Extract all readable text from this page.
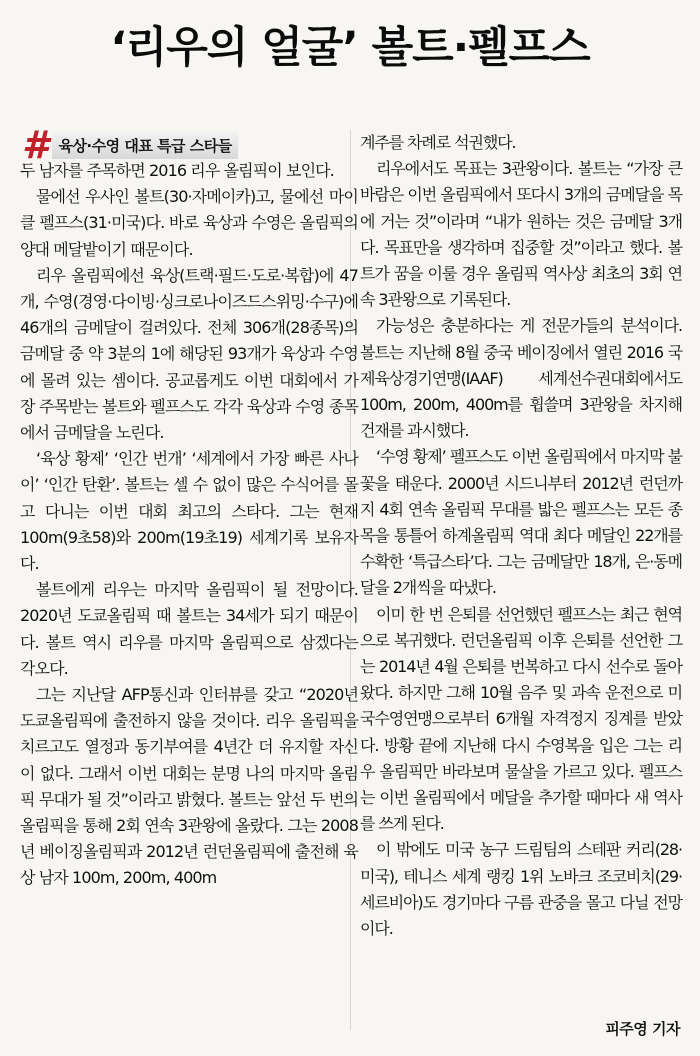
‘리우의 얼굴’ 볼트·펠프스
# 육상·수영 대표 특급 스타들

두 남자를 주목하면 2016 리우 올림픽이 보인다.

물에선 우사인 볼트(30·자메이카)고, 물에선 마이클 펠프스(31·미국)다. 바로 육상과 수영은 올림픽의 양대 메달밭이기 때문이다.

리우 올림픽에선 육상(트랙·필드·도로·복합)에 47개, 수영(경영·다이빙·싱크로나이즈드스위밍·수구)에 46개의 금메달이 걸려있다. 전체 306개(28종목)의 금메달 중 약 3분의 1에 해당된 93개가 육상과 수영에 몰려 있는 셈이다. 공교롭게도 이번 대회에서 가장 주목받는 볼트와 펠프스도 각각 육상과 수영 종목에서 금메달을 노린다.

‘육상 황제’ ‘인간 번개’ ‘세계에서 가장 빠른 사나이’ ‘인간 탄환’. 볼트는 셀 수 없이 많은 수식어를 몰고 다니는 이번 대회 최고의 스타다. 그는 현재 100m(9초58)와 200m(19초19) 세계기록 보유자다.

볼트에게 리우는 마지막 올림픽이 될 전망이다. 2020년 도쿄올림픽 때 볼트는 34세가 되기 때문이다. 볼트 역시 리우를 마지막 올림픽으로 삼겠다는 각오다.

그는 지난달 AFP통신과 인터뷰를 갖고 “2020년 도쿄올림픽에 출전하지 않을 것이다. 리우 올림픽을 치르고도 열정과 동기부여를 4년간 더 유지할 자신이 없다. 그래서 이번 대회는 분명 나의 마지막 올림픽 무대가 될 것”이라고 밝혔다. 볼트는 앞선 두 번의 올림픽을 통해 2회 연속 3관왕에 올랐다. 그는 2008년 베이징올림픽과 2012년 런던올림픽에 출전해 육상 남자 100m, 200m, 400m

계주를 차례로 석권했다.

리우에서도 목표는 3관왕이다. 볼트는 “가장 큰 바람은 이번 올림픽에서 또다시 3개의 금메달을 목에 거는 것”이라며 “내가 원하는 것은 금메달 3개다. 목표만을 생각하며 집중할 것”이라고 했다. 볼트가 꿈을 이룰 경우 올림픽 역사상 최초의 3회 연속 3관왕으로 기록된다.

가능성은 충분하다는 게 전문가들의 분석이다. 볼트는 지난해 8월 중국 베이징에서 열린 2016 국제육상경기연맹(IAAF) 세계선수권대회에서도 100m, 200m, 400m를 휩쓸며 3관왕을 차지해 건재를 과시했다.

‘수영 황제’ 펠프스도 이번 올림픽에서 마지막 불꽃을 태운다. 2000년 시드니부터 2012년 런던까지 4회 연속 올림픽 무대를 밟은 펠프스는 모든 종목을 통틀어 하계올림픽 역대 최다 메달인 22개를 수확한 ‘특급스타’다. 그는 금메달만 18개, 은·동메달을 2개씩을 따냈다.

이미 한 번 은퇴를 선언했던 펠프스는 최근 현역으로 복귀했다. 런던올림픽 이후 은퇴를 선언한 그는 2014년 4월 은퇴를 번복하고 다시 선수로 돌아왔다. 하지만 그해 10월 음주 및 과속 운전으로 미국수영연맹으로부터 6개월 자격정지 징계를 받았다. 방황 끝에 지난해 다시 수영복을 입은 그는 리우 올림픽만 바라보며 물살을 가르고 있다. 펠프스는 이번 올림픽에서 메달을 추가할 때마다 새 역사를 쓰게 된다.

이 밖에도 미국 농구 드림팀의 스테판 커리(28·미국), 테니스 세계 랭킹 1위 노바크 조코비치(29·세르비아)도 경기마다 구름 관중을 몰고 다닐 전망이다.

피주영 기자
